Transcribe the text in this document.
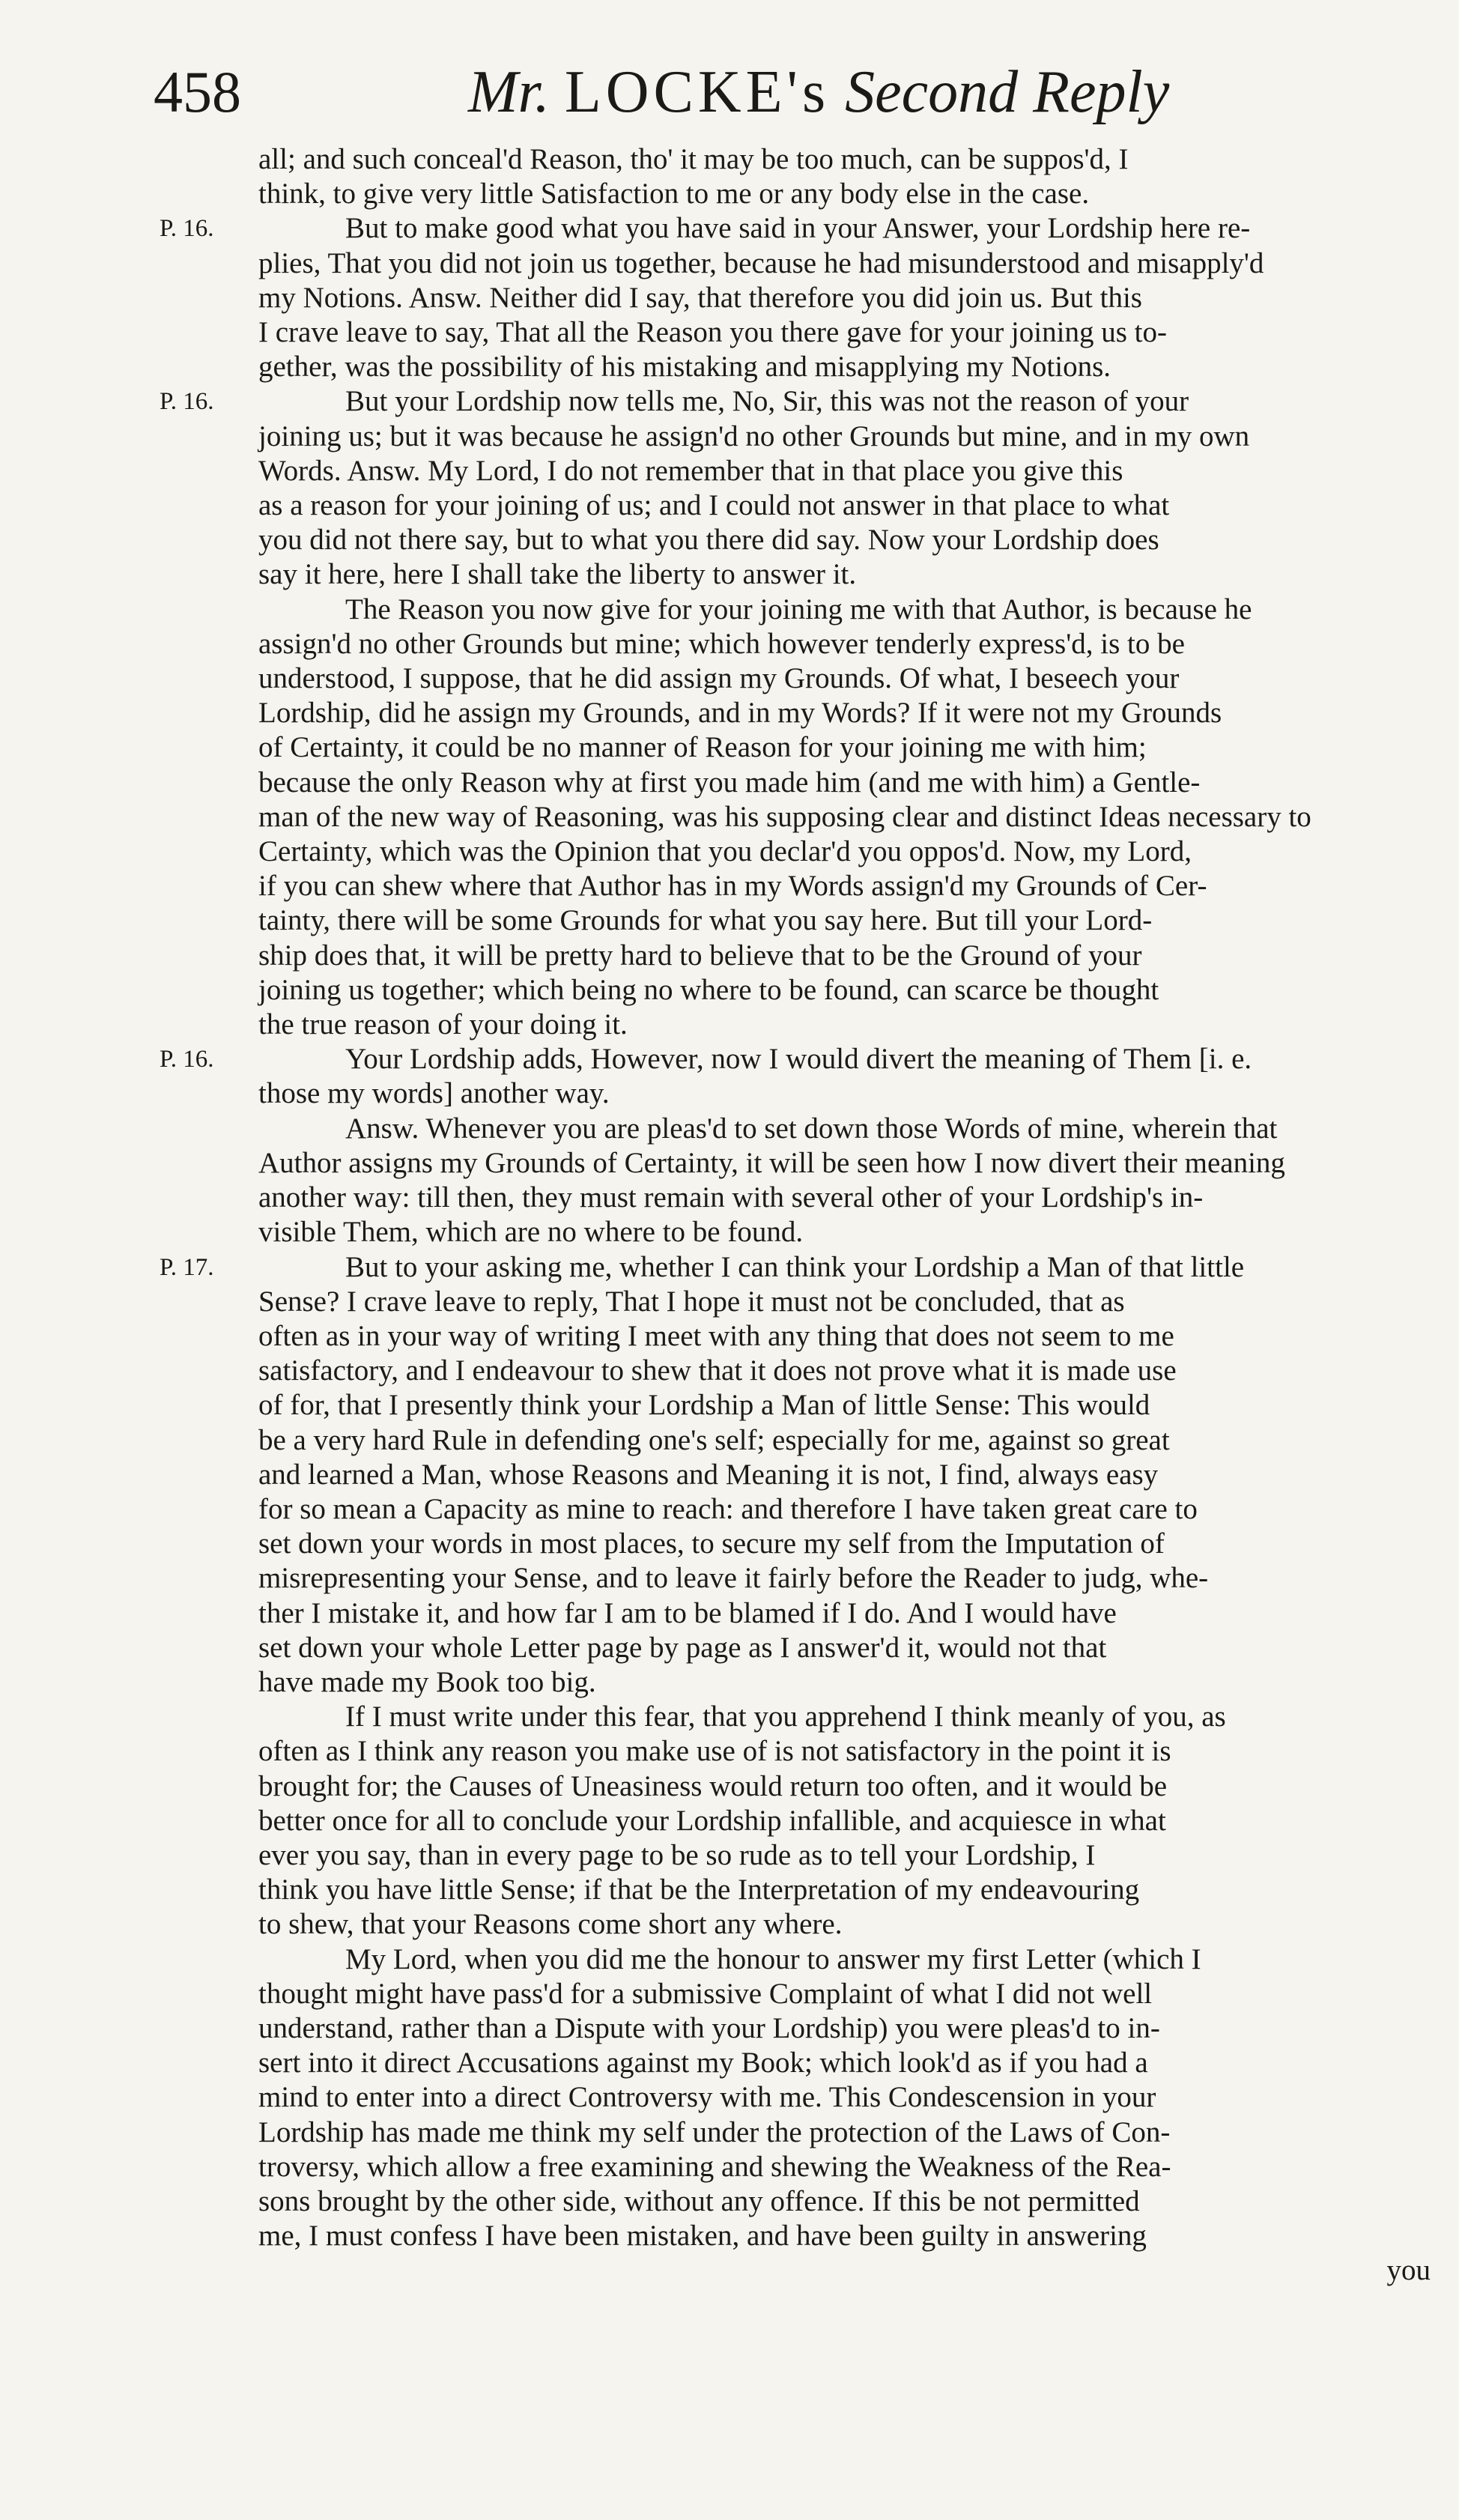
458	Mr. LOCKE's Second Reply
all; and such conceal'd Reason, tho' it may be too much, can be suppos'd, I
think, to give very little Satisfaction to me or any body else in the case.
P. 16.	But to make good what you have said in your Answer, your Lordship here re-
plies, That you did not join us together, because he had misunderstood and misapply'd
my Notions. Answ. Neither did I say, that therefore you did join us. But this
I crave leave to say, That all the Reason you there gave for your joining us to-
gether, was the possibility of his mistaking and misapplying my Notions.
P. 16.	But your Lordship now tells me, No, Sir, this was not the reason of your
joining us; but it was because he assign'd no other Grounds but mine, and in my own
Words. Answ. My Lord, I do not remember that in that place you give this
as a reason for your joining of us; and I could not answer in that place to what
you did not there say, but to what you there did say. Now your Lordship does
say it here, here I shall take the liberty to answer it.
The Reason you now give for your joining me with that Author, is because he
assign'd no other Grounds but mine; which however tenderly express'd, is to be
understood, I suppose, that he did assign my Grounds. Of what, I beseech your
Lordship, did he assign my Grounds, and in my Words? If it were not my Grounds
of Certainty, it could be no manner of Reason for your joining me with him;
because the only Reason why at first you made him (and me with him) a Gentle-
man of the new way of Reasoning, was his supposing clear and distinct Ideas necessary to
Certainty, which was the Opinion that you declar'd you oppos'd. Now, my Lord,
if you can shew where that Author has in my Words assign'd my Grounds of Cer-
tainty, there will be some Grounds for what you say here. But till your Lord-
ship does that, it will be pretty hard to believe that to be the Ground of your
joining us together; which being no where to be found, can scarce be thought
the true reason of your doing it.
P. 16.	Your Lordship adds, However, now I would divert the meaning of Them [i. e.
those my words] another way.
Answ. Whenever you are pleas'd to set down those Words of mine, wherein that
Author assigns my Grounds of Certainty, it will be seen how I now divert their meaning
another way: till then, they must remain with several other of your Lordship's in-
visible Them, which are no where to be found.
P. 17.	But to your asking me, whether I can think your Lordship a Man of that little
Sense? I crave leave to reply, That I hope it must not be concluded, that as
often as in your way of writing I meet with any thing that does not seem to me
satisfactory, and I endeavour to shew that it does not prove what it is made use
of for, that I presently think your Lordship a Man of little Sense: This would
be a very hard Rule in defending one's self; especially for me, against so great
and learned a Man, whose Reasons and Meaning it is not, I find, always easy
for so mean a Capacity as mine to reach: and therefore I have taken great care to
set down your words in most places, to secure my self from the Imputation of
misrepresenting your Sense, and to leave it fairly before the Reader to judg, whe-
ther I mistake it, and how far I am to be blamed if I do. And I would have
set down your whole Letter page by page as I answer'd it, would not that
have made my Book too big.
If I must write under this fear, that you apprehend I think meanly of you, as
often as I think any reason you make use of is not satisfactory in the point it is
brought for; the Causes of Uneasiness would return too often, and it would be
better once for all to conclude your Lordship infallible, and acquiesce in what
ever you say, than in every page to be so rude as to tell your Lordship, I
think you have little Sense; if that be the Interpretation of my endeavouring
to shew, that your Reasons come short any where.
My Lord, when you did me the honour to answer my first Letter (which I
thought might have pass'd for a submissive Complaint of what I did not well
understand, rather than a Dispute with your Lordship) you were pleas'd to in-
sert into it direct Accusations against my Book; which look'd as if you had a
mind to enter into a direct Controversy with me. This Condescension in your
Lordship has made me think my self under the protection of the Laws of Con-
troversy, which allow a free examining and shewing the Weakness of the Rea-
sons brought by the other side, without any offence. If this be not permitted
me, I must confess I have been mistaken, and have been guilty in answering
you
